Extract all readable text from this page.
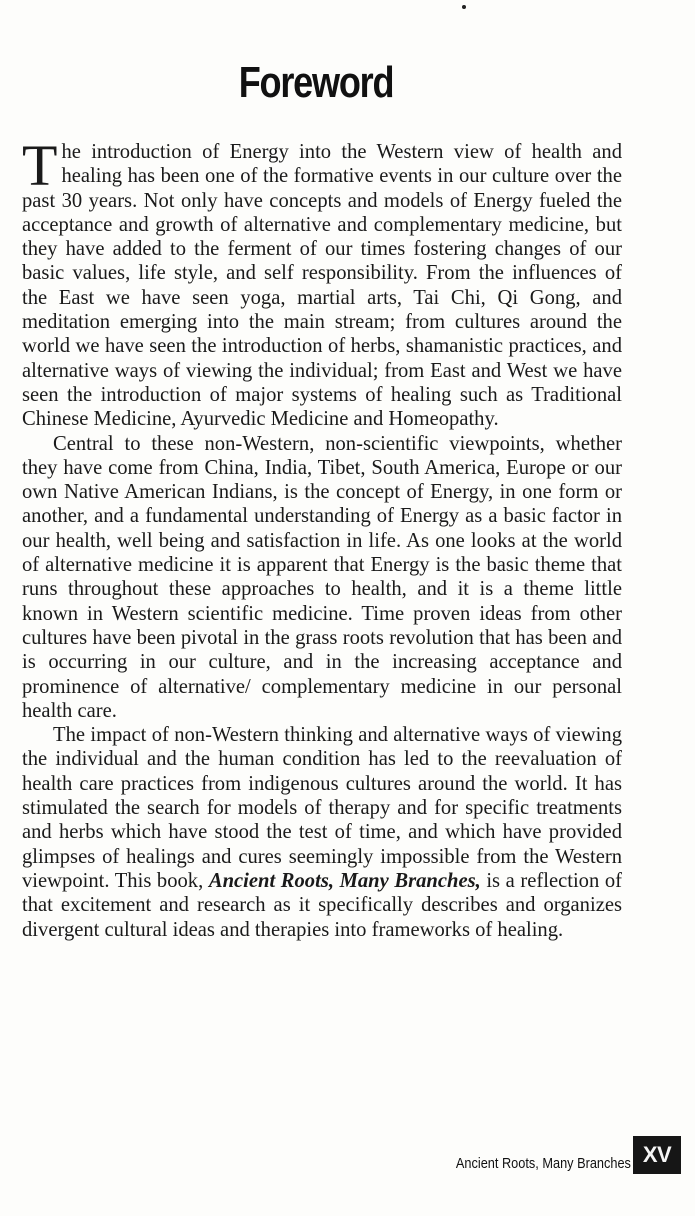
Foreword

The introduction of Energy into the Western view of health and healing has been one of the formative events in our culture over the past 30 years. Not only have concepts and models of Energy fueled the acceptance and growth of alternative and complementary medicine, but they have added to the ferment of our times fostering changes of our basic values, life style, and self responsibility. From the influences of the East we have seen yoga, martial arts, Tai Chi, Qi Gong, and meditation emerging into the main stream; from cultures around the world we have seen the introduction of herbs, shamanistic practices, and alternative ways of viewing the individual; from East and West we have seen the introduction of major systems of healing such as Traditional Chinese Medicine, Ayurvedic Medicine and Homeopathy.

Central to these non-Western, non-scientific viewpoints, whether they have come from China, India, Tibet, South America, Europe or our own Native American Indians, is the concept of Energy, in one form or another, and a fundamental understanding of Energy as a basic factor in our health, well being and satisfaction in life. As one looks at the world of alternative medicine it is apparent that Energy is the basic theme that runs throughout these approaches to health, and it is a theme little known in Western scientific medicine. Time proven ideas from other cultures have been pivotal in the grass roots revolution that has been and is occurring in our culture, and in the increasing acceptance and prominence of alternative/ complementary medicine in our personal health care.

The impact of non-Western thinking and alternative ways of viewing the individual and the human condition has led to the reevaluation of health care practices from indigenous cultures around the world. It has stimulated the search for models of therapy and for specific treatments and herbs which have stood the test of time, and which have provided glimpses of healings and cures seemingly impossible from the Western viewpoint. This book, Ancient Roots, Many Branches, is a reflection of that excitement and research as it specifically describes and organizes divergent cultural ideas and therapies into frameworks of healing.

Ancient Roots, Many Branches XV
